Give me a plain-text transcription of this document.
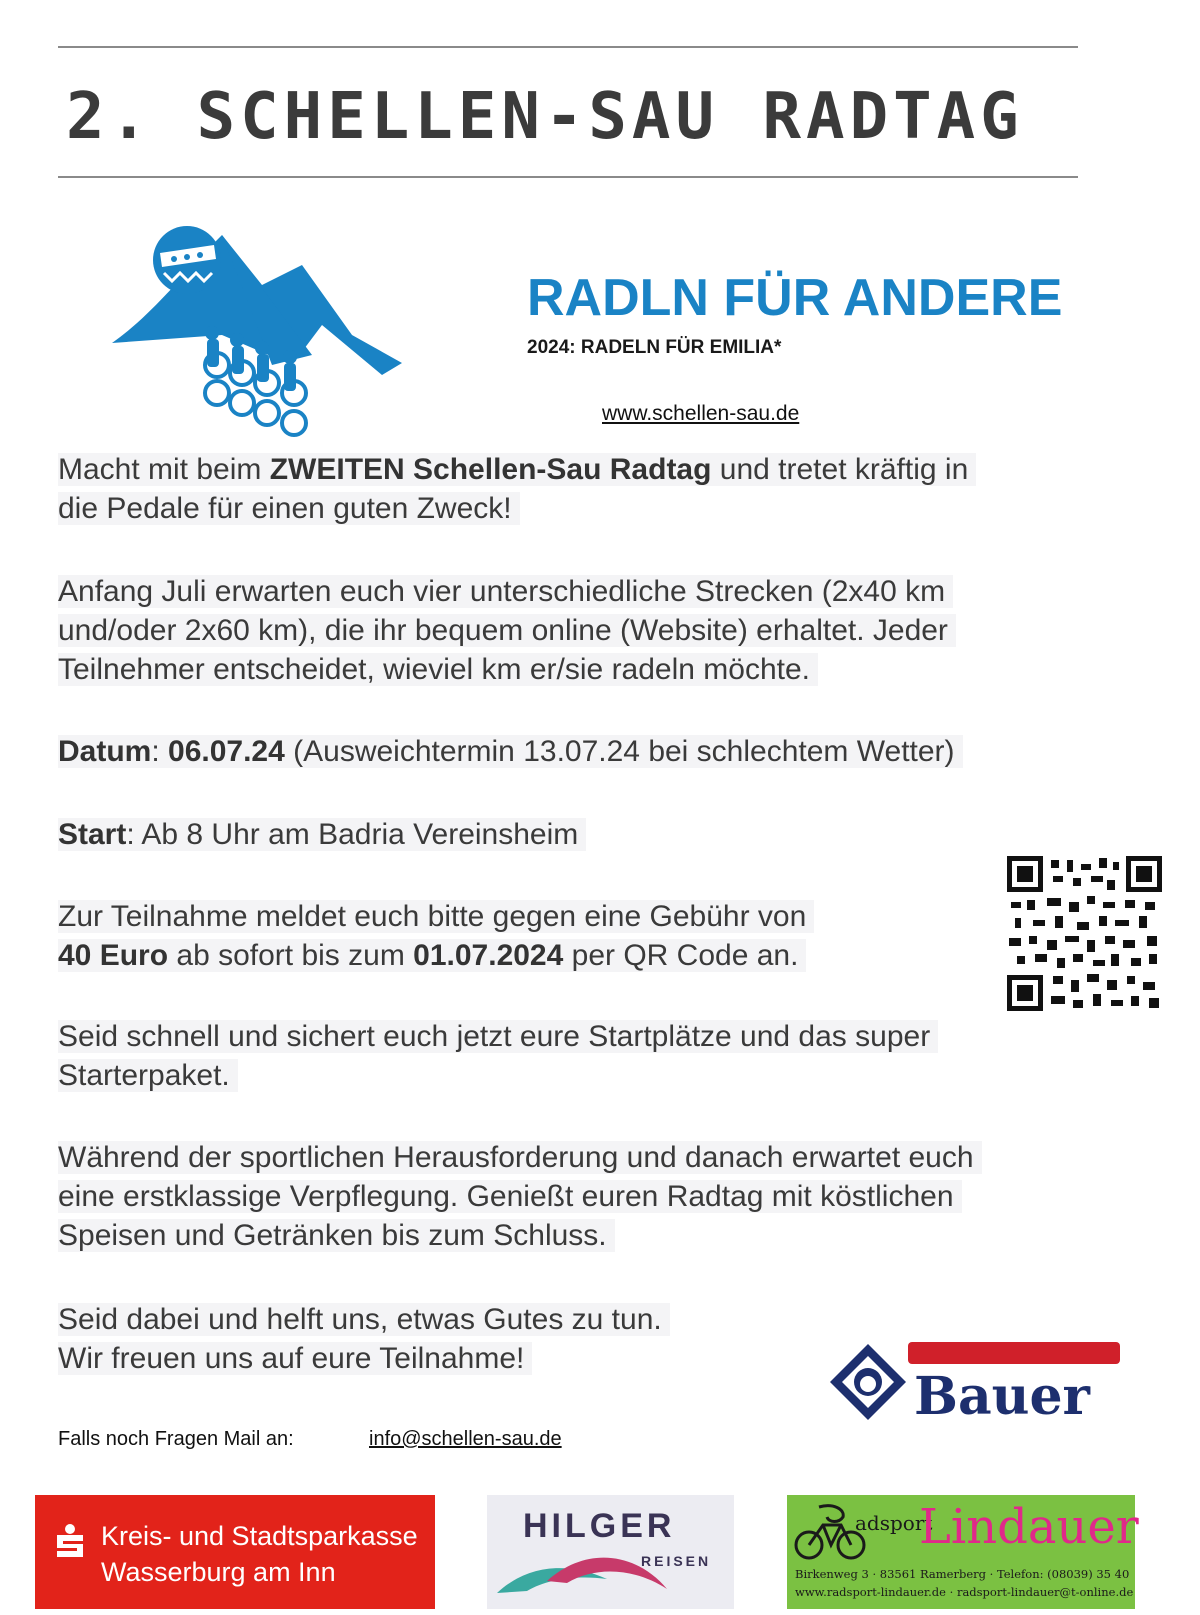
2. SCHELLEN-SAU RADTAG
RADLN FÜR ANDERE
2024: RADELN FÜR EMILIA*
www.schellen-sau.de
Macht mit beim ZWEITEN Schellen-Sau Radtag und tretet kräftig in
die Pedale für einen guten Zweck!
Anfang Juli erwarten euch vier unterschiedliche Strecken (2x40 km
und/oder 2x60 km), die ihr bequem online (Website) erhaltet. Jeder
Teilnehmer entscheidet, wieviel km er/sie radeln möchte.
Datum: 06.07.24 (Ausweichtermin 13.07.24 bei schlechtem Wetter)
Start: Ab 8 Uhr am Badria Vereinsheim
Zur Teilnahme meldet euch bitte gegen eine Gebühr von
40 Euro ab sofort bis zum 01.07.2024 per QR Code an.
Seid schnell und sichert euch jetzt eure Startplätze und das super
Starterpaket.
Während der sportlichen Herausforderung und danach erwartet euch
eine erstklassige Verpflegung. Genießt euren Radtag mit köstlichen
Speisen und Getränken bis zum Schluss.
Seid dabei und helft uns, etwas Gutes zu tun.
Wir freuen uns auf eure Teilnahme!
Bauer
Falls noch Fragen Mail an:	info@schellen-sau.de
Kreis- und Stadtsparkasse
Wasserburg am Inn
HILGER
REISEN
adsport
Lindauer
Birkenweg 3 · 83561 Ramerberg · Telefon: (08039) 35 40
www.radsport-lindauer.de · radsport-lindauer@t-online.de
